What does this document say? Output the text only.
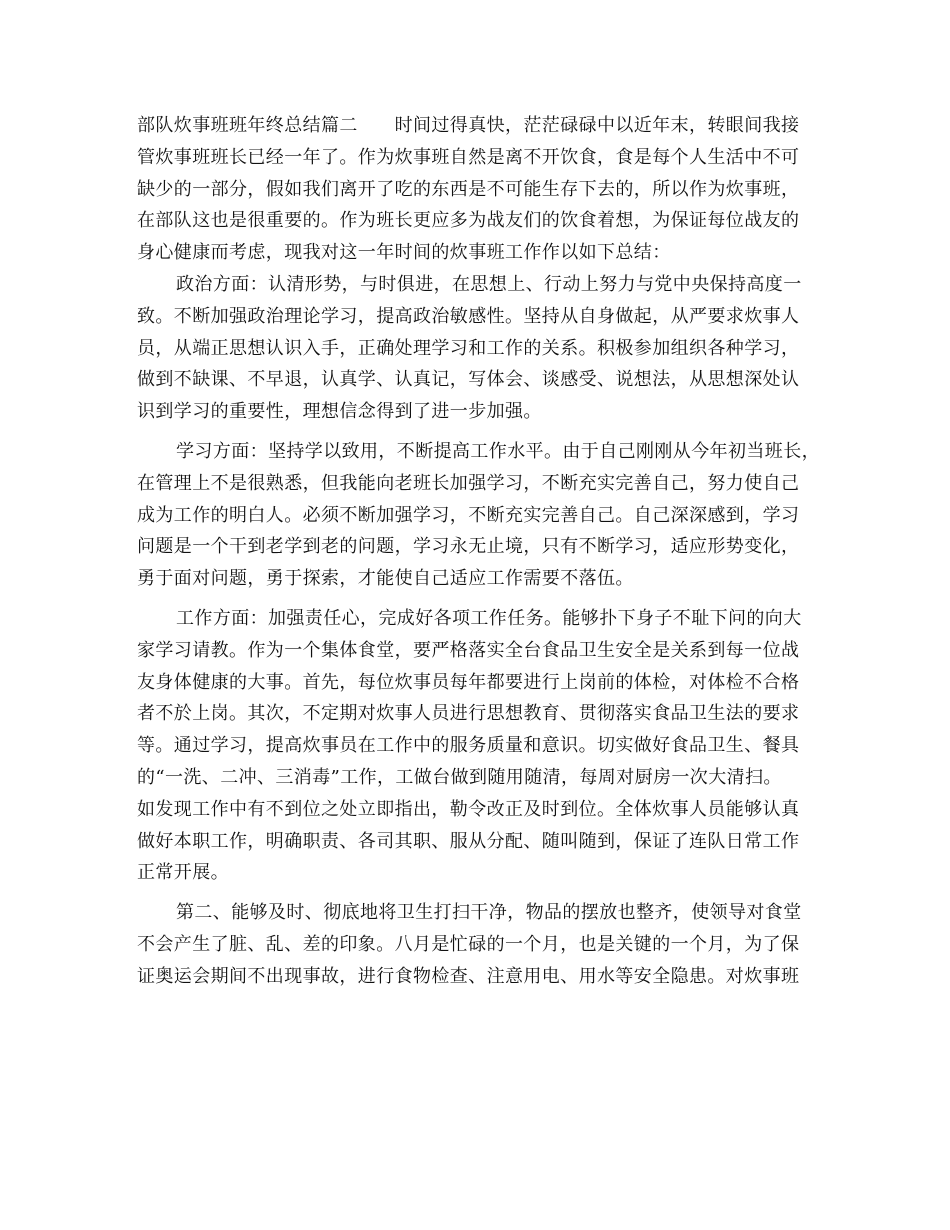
部队炊事班班年终总结篇二　　时间过得真快，茫茫碌碌中以近年末，转眼间我接
管炊事班班长已经一年了。作为炊事班自然是离不开饮食，食是每个人生活中不可
缺少的一部分，假如我们离开了吃的东西是不可能生存下去的，所以作为炊事班，
在部队这也是很重要的。作为班长更应多为战友们的饮食着想，为保证每位战友的
身心健康而考虑，现我对这一年时间的炊事班工作作以如下总结：
政治方面：认清形势，与时俱进，在思想上、行动上努力与党中央保持高度一
致。不断加强政治理论学习，提高政治敏感性。坚持从自身做起，从严要求炊事人
员，从端正思想认识入手，正确处理学习和工作的关系。积极参加组织各种学习，
做到不缺课、不早退，认真学、认真记，写体会、谈感受、说想法，从思想深处认
识到学习的重要性，理想信念得到了进一步加强。
学习方面：坚持学以致用，不断提高工作水平。由于自己刚刚从今年初当班长，
在管理上不是很熟悉，但我能向老班长加强学习，不断充实完善自己，努力使自己
成为工作的明白人。必须不断加强学习，不断充实完善自己。自己深深感到，学习
问题是一个干到老学到老的问题，学习永无止境，只有不断学习，适应形势变化，
勇于面对问题，勇于探索，才能使自己适应工作需要不落伍。
工作方面：加强责任心，完成好各项工作任务。能够扑下身子不耻下问的向大
家学习请教。作为一个集体食堂，要严格落实全台食品卫生安全是关系到每一位战
友身体健康的大事。首先，每位炊事员每年都要进行上岗前的体检，对体检不合格
者不於上岗。其次，不定期对炊事人员进行思想教育、贯彻落实食品卫生法的要求
等。通过学习，提高炊事员在工作中的服务质量和意识。切实做好食品卫生、餐具
的“一洗、二冲、三消毒”工作，工做台做到随用随清，每周对厨房一次大清扫。
如发现工作中有不到位之处立即指出，勒令改正及时到位。全体炊事人员能够认真
做好本职工作，明确职责、各司其职、服从分配、随叫随到，保证了连队日常工作
正常开展。
第二、能够及时、彻底地将卫生打扫干净，物品的摆放也整齐，使领导对食堂
不会产生了脏、乱、差的印象。八月是忙碌的一个月，也是关键的一个月，为了保
证奥运会期间不出现事故，进行食物检查、注意用电、用水等安全隐患。对炊事班
